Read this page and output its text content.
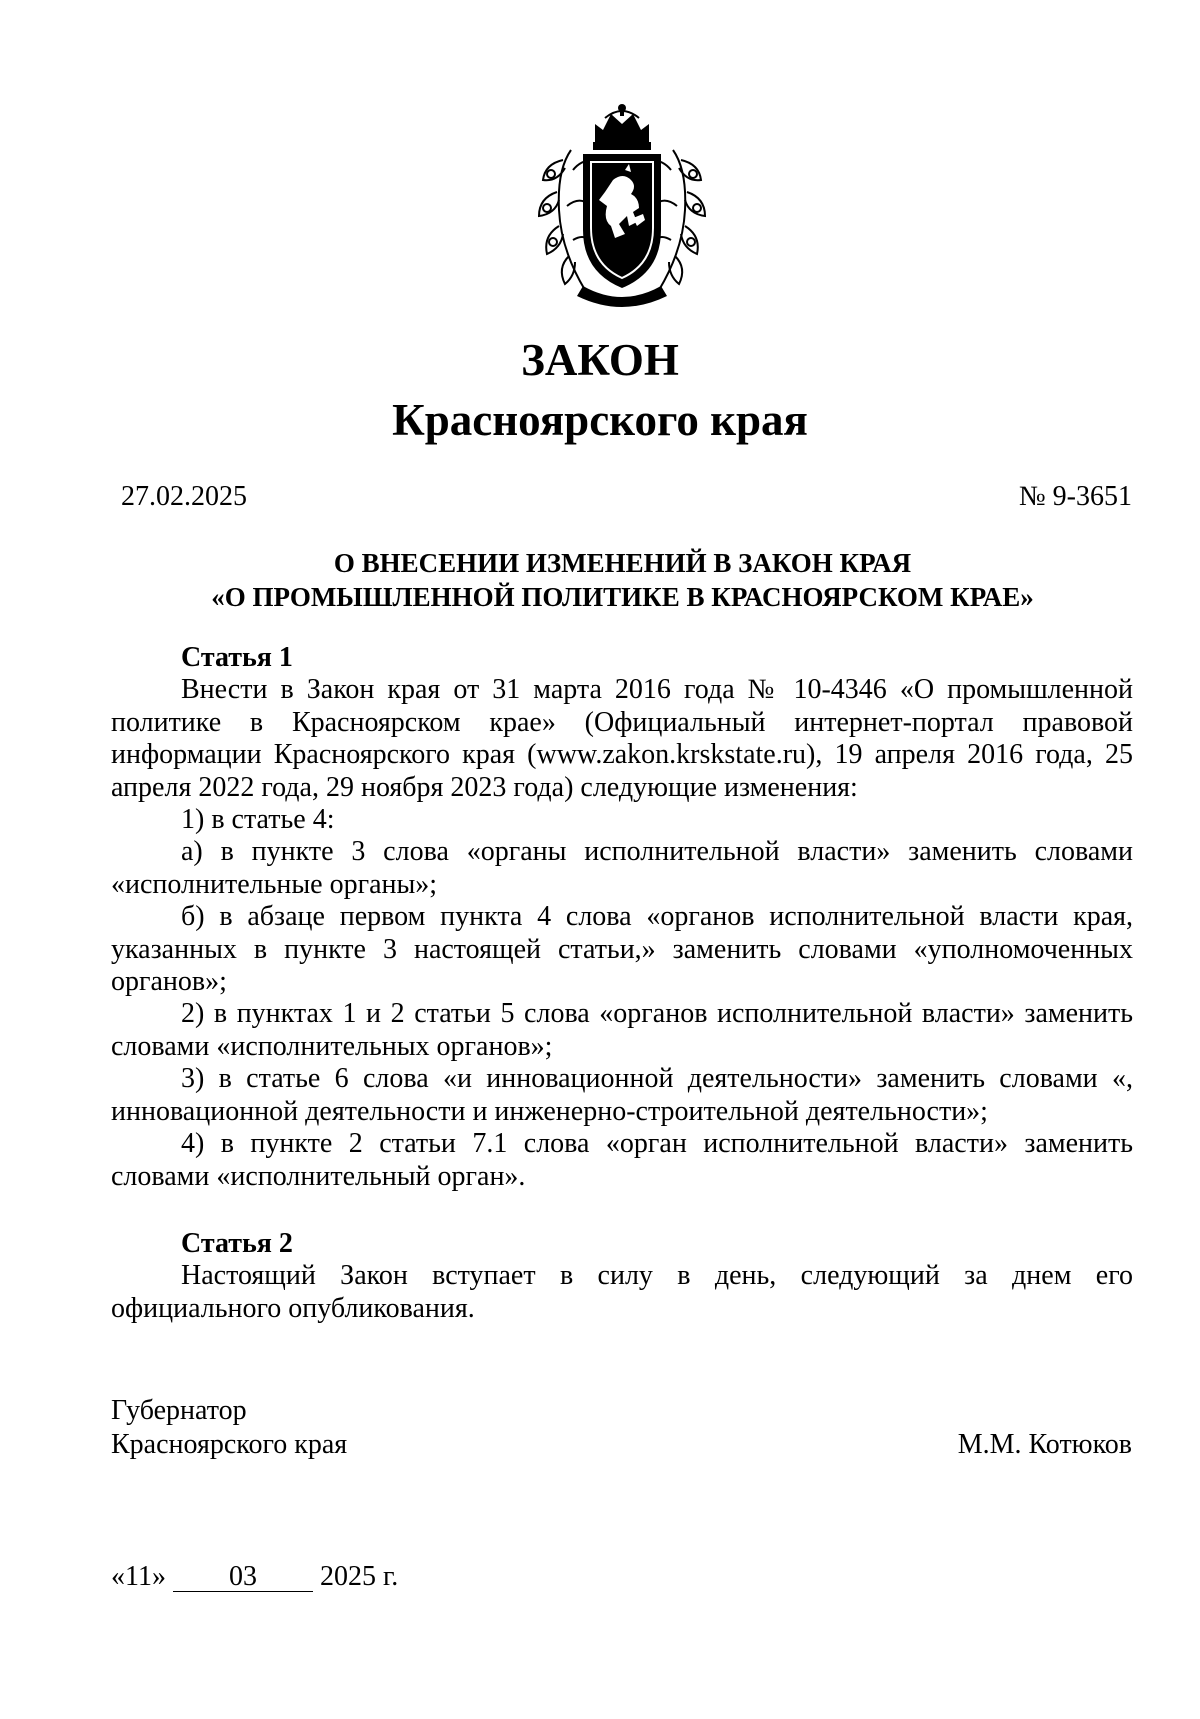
ЗАКОН
Красноярского края
27.02.2025	№ 9-3651
О ВНЕСЕНИИ ИЗМЕНЕНИЙ В ЗАКОН КРАЯ
«О ПРОМЫШЛЕННОЙ ПОЛИТИКЕ В КРАСНОЯРСКОМ КРАЕ»

Статья 1

Внести в Закон края от 31 марта 2016 года № 10-4346 «О промышленной политике в Красноярском крае» (Официальный интернет-портал правовой информации Красноярского края (www.zakon.krskstate.ru), 19 апреля 2016 года, 25 апреля 2022 года, 29 ноября 2023 года) следующие изменения:

1) в статье 4:

а) в пункте 3 слова «органы исполнительной власти» заменить словами «исполнительные органы»;

б) в абзаце первом пункта 4 слова «органов исполнительной власти края, указанных в пункте 3 настоящей статьи,» заменить словами «уполномоченных органов»;

2) в пунктах 1 и 2 статьи 5 слова «органов исполнительной власти» заменить словами «исполнительных органов»;

3) в статье 6 слова «и инновационной деятельности» заменить словами «, инновационной деятельности и инженерно-строительной деятельности»;

4) в пункте 2 статьи 7.1 слова «орган исполнительной власти» заменить словами «исполнительный орган».

Статья 2

Настоящий Закон вступает в силу в день, следующий за днем его официального опубликования.

Губернатор
Красноярского края	М.М. Котюков
«11» 03 2025 г.
